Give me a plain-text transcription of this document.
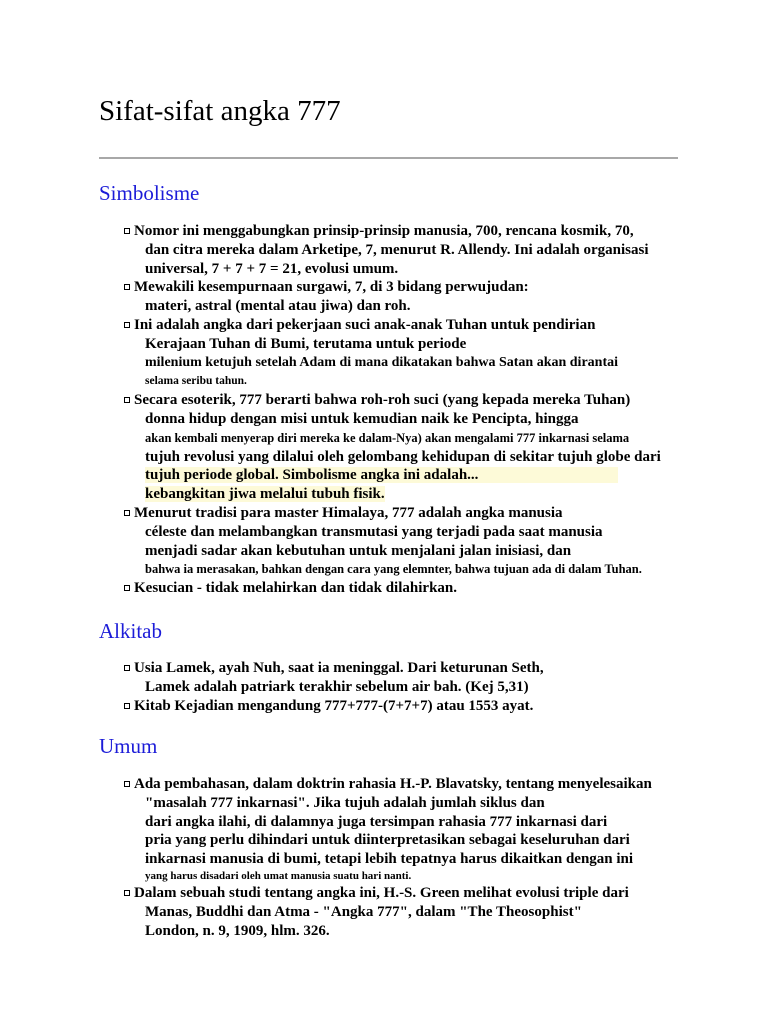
Sifat-sifat angka 777
Simbolisme
Nomor ini menggabungkan prinsip-prinsip manusia, 700, rencana kosmik, 70,
dan citra mereka dalam Arketipe, 7, menurut R. Allendy. Ini adalah organisasi
universal, 7 + 7 + 7 = 21, evolusi umum.
Mewakili kesempurnaan surgawi, 7, di 3 bidang perwujudan:
materi, astral (mental atau jiwa) dan roh.
Ini adalah angka dari pekerjaan suci anak-anak Tuhan untuk pendirian
Kerajaan Tuhan di Bumi, terutama untuk periode
milenium ketujuh setelah Adam di mana dikatakan bahwa Satan akan dirantai
selama seribu tahun.
Secara esoterik, 777 berarti bahwa roh-roh suci (yang kepada mereka Tuhan)
donna hidup dengan misi untuk kemudian naik ke Pencipta, hingga
akan kembali menyerap diri mereka ke dalam-Nya) akan mengalami 777 inkarnasi selama
tujuh revolusi yang dilalui oleh gelombang kehidupan di sekitar tujuh globe dari
tujuh periode global. Simbolisme angka ini adalah...
kebangkitan jiwa melalui tubuh fisik.
Menurut tradisi para master Himalaya, 777 adalah angka manusia
céleste dan melambangkan transmutasi yang terjadi pada saat manusia
menjadi sadar akan kebutuhan untuk menjalani jalan inisiasi, dan
bahwa ia merasakan, bahkan dengan cara yang elemnter, bahwa tujuan ada di dalam Tuhan.
Kesucian - tidak melahirkan dan tidak dilahirkan.
Alkitab
Usia Lamek, ayah Nuh, saat ia meninggal. Dari keturunan Seth,
Lamek adalah patriark terakhir sebelum air bah. (Kej 5,31)
Kitab Kejadian mengandung 777+777-(7+7+7) atau 1553 ayat.
Umum
Ada pembahasan, dalam doktrin rahasia H.-P. Blavatsky, tentang menyelesaikan
"masalah 777 inkarnasi". Jika tujuh adalah jumlah siklus dan
dari angka ilahi, di dalamnya juga tersimpan rahasia 777 inkarnasi dari
pria yang perlu dihindari untuk diinterpretasikan sebagai keseluruhan dari
inkarnasi manusia di bumi, tetapi lebih tepatnya harus dikaitkan dengan ini
yang harus disadari oleh umat manusia suatu hari nanti.
Dalam sebuah studi tentang angka ini, H.-S. Green melihat evolusi triple dari
Manas, Buddhi dan Atma - "Angka 777", dalam "The Theosophist"
London, n. 9, 1909, hlm. 326.
